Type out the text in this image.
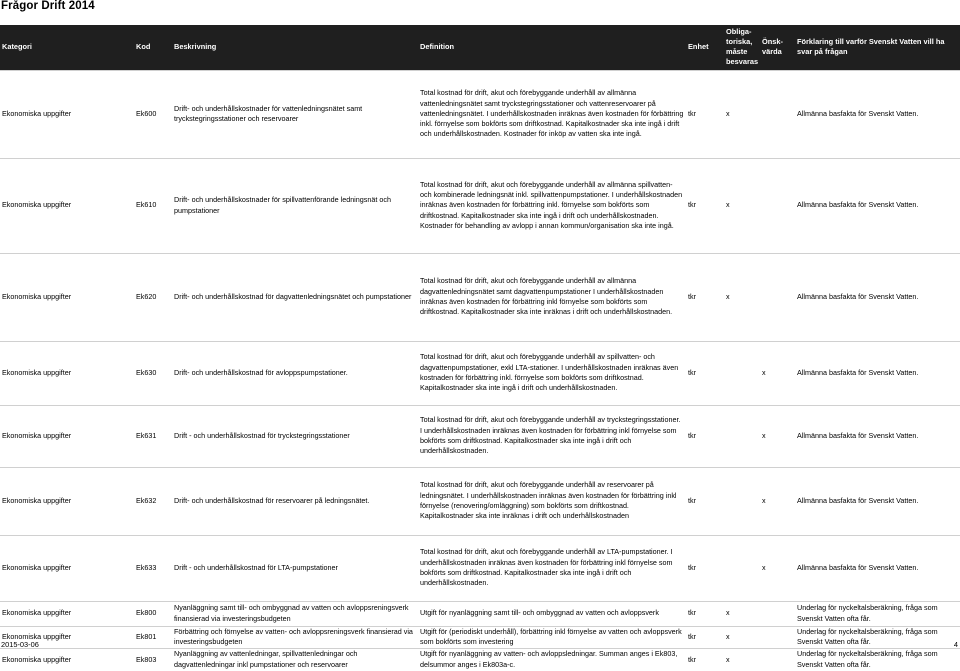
Frågor Drift 2014
Kategori	Kod	Beskrivning	Definition	Enhet	Obliga-toriska, måste besvaras	Önsk-värda	Förklaring till varför Svenskt Vatten vill ha svar på frågan
Ekonomiska uppgifter	Ek600	Drift- och underhållskostnader för vattenledningsnätet samt tryckstegringsstationer och reservoarer	Total kostnad för drift, akut och förebyggande underhåll av allmänna vattenledningsnätet samt tryckstegringsstationer och vattenreservoarer på vattenledningsnätet. I underhållskostnaden inräknas även kostnaden för förbättring inkl. förnyelse som bokförts som driftkostnad. Kapitalkostnader ska inte ingå i drift och underhållskostnaden. Kostnader för inköp av vatten ska inte ingå.	tkr	x		Allmänna basfakta för Svenskt Vatten.
Ekonomiska uppgifter	Ek610	Drift- och underhållskostnader för spillvattenförande ledningsnät och pumpstationer	Total kostnad för drift, akut och förebyggande underhåll av allmänna spillvatten- och kombinerade ledningsnät inkl. spillvattenpumpstationer. I underhållskostnaden inräknas även kostnaden för förbättring inkl. förnyelse som bokförts som driftkostnad. Kapitalkostnader ska inte ingå i drift och underhållskostnaden. Kostnader för behandling av avlopp i annan kommun/organisation ska inte ingå.	tkr	x		Allmänna basfakta för Svenskt Vatten.
Ekonomiska uppgifter	Ek620	Drift- och underhållskostnad för dagvattenledningsnätet och pumpstationer	Total kostnad för drift, akut och förebyggande underhåll av allmänna dagvattenledningsnätet samt dagvattenpumpstationer I underhållskostnaden inräknas även kostnaden för förbättring inkl förnyelse som bokförts som driftkostnad. Kapitalkostnader ska inte inräknas i drift och underhållskostnaden.	tkr	x		Allmänna basfakta för Svenskt Vatten.
Ekonomiska uppgifter	Ek630	Drift- och underhållskostnad för avloppspumpstationer.	Total kostnad för drift, akut och förebyggande underhåll av spillvatten- och dagvattenpumpstationer, exkl LTA-stationer. I underhållskostnaden inräknas även kostnaden för förbättring inkl. förnyelse som bokförts som driftkostnad. Kapitalkostnader ska inte ingå i drift och underhållskostnaden.	tkr		x	Allmänna basfakta för Svenskt Vatten.
Ekonomiska uppgifter	Ek631	Drift - och underhållskostnad för tryckstegringsstationer	Total kostnad för drift, akut och förebyggande underhåll av tryckstegringsstationer. I underhållskostnaden inräknas även kostnaden för förbättring inkl förnyelse som bokförts som driftkostnad. Kapitalkostnader ska inte ingå i drift och underhållskostnaden.	tkr		x	Allmänna basfakta för Svenskt Vatten.
Ekonomiska uppgifter	Ek632	Drift- och underhållskostnad för reservoarer på ledningsnätet.	Total kostnad för drift, akut och förebyggande underhåll av reservoarer på ledningsnätet. I underhållskostnaden inräknas även kostnaden för förbättring inkl förnyelse (renovering/omläggning) som bokförts som driftkostnad. Kapitalkostnader ska inte inräknas i drift och underhållskostnaden	tkr		x	Allmänna basfakta för Svenskt Vatten.
Ekonomiska uppgifter	Ek633	Drift - och underhållskostnad för LTA-pumpstationer	Total kostnad för drift, akut och förebyggande underhåll av LTA-pumpstationer. I underhållskostnaden inräknas även kostnaden för förbättring inkl förnyelse som bokförts som driftkostnad. Kapitalkostnader ska inte ingå i drift och underhållskostnaden.	tkr		x	Allmänna basfakta för Svenskt Vatten.
Ekonomiska uppgifter	Ek800	Nyanläggning samt till- och ombyggnad av vatten och avloppsreningsverk finansierad via investeringsbudgeten	Utgift för nyanläggning samt till- och ombyggnad av vatten och avloppsverk	tkr	x		Underlag för nyckeltalsberäkning, fråga som Svenskt Vatten ofta får.
Ekonomiska uppgifter	Ek801	Förbättring och förnyelse av vatten- och avloppsreningsverk finansierad via investeringsbudgeten	Utgift för (periodiskt underhåll), förbättring inkl förnyelse av vatten och avloppsverk som bokförts som investering	tkr	x		Underlag för nyckeltalsberäkning, fråga som Svenskt Vatten ofta får.
Ekonomiska uppgifter	Ek803	Nyanläggning av vattenledningar, spillvattenledningar och dagvattenledningar inkl pumpstationer och reservoarer	Utgift för nyanläggning av vatten- och avloppsledningar. Summan anges i Ek803, delsummor anges i Ek803a-c.	tkr	x		Underlag för nyckeltalsberäkning, fråga som Svenskt Vatten ofta får.
2015-03-06	4
